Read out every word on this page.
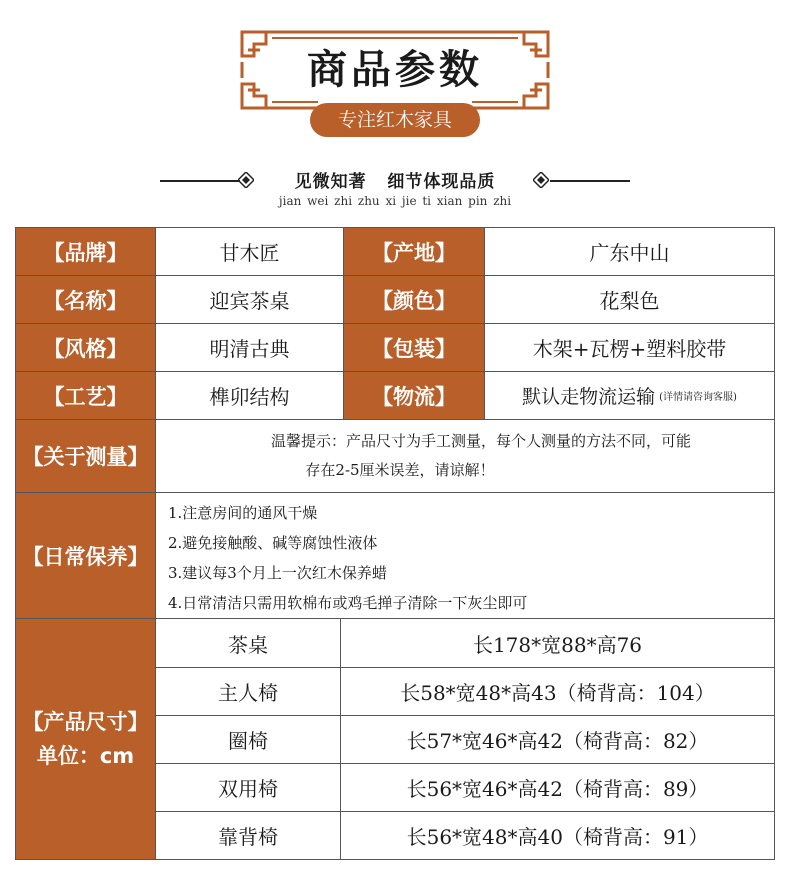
商品参数
专注红木家具
见微知著 细节体现品质
jian wei zhi zhu xi jie ti xian pin zhi
【品牌】	甘木匠	【产地】	广东中山
【名称】	迎宾茶桌	【颜色】	花梨色
【风格】	明清古典	【包装】	木架+瓦楞+塑料胶带
【工艺】	榫卯结构	【物流】	默认走物流运输 (详情请咨询客服)
【关于测量】
温馨提示：产品尺寸为手工测量，每个人测量的方法不同，可能
存在2-5厘米误差，请谅解！
【日常保养】
1.注意房间的通风干燥
2.避免接触酸、碱等腐蚀性液体
3.建议每3个月上一次红木保养蜡
4.日常清洁只需用软棉布或鸡毛掸子清除一下灰尘即可
【产品尺寸】
单位：cm
茶桌	长178*宽88*高76
主人椅	长58*宽48*高43（椅背高：104）
圈椅	长57*宽46*高42（椅背高：82）
双用椅	长56*宽46*高42（椅背高：89）
靠背椅	长56*宽48*高40（椅背高：91）
